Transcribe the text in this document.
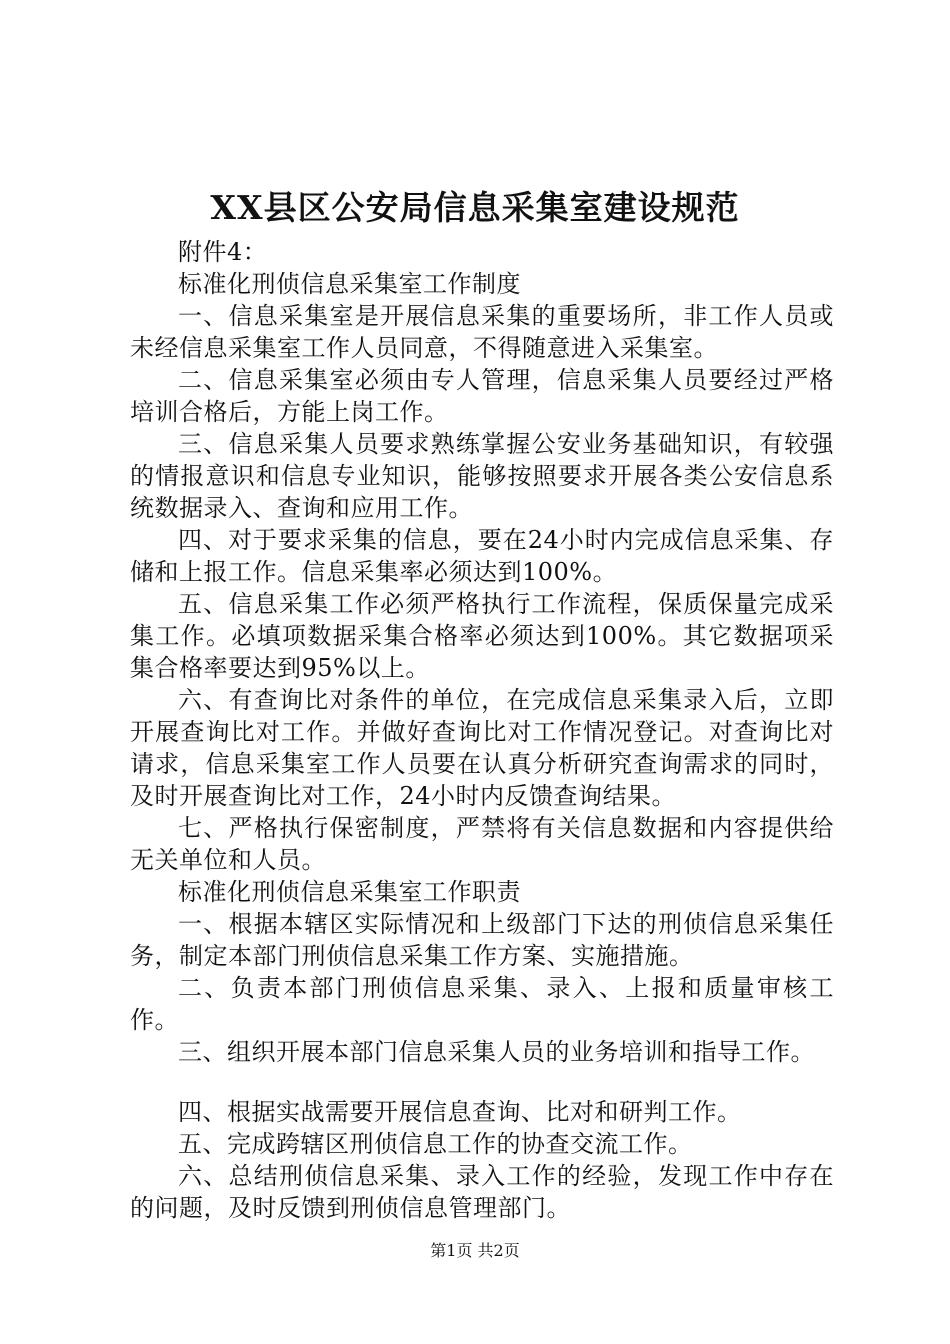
XX县区公安局信息采集室建设规范

附件4：

标准化刑侦信息采集室工作制度

一、信息采集室是开展信息采集的重要场所，非工作人员或未经信息采集室工作人员同意，不得随意进入采集室。

二、信息采集室必须由专人管理，信息采集人员要经过严格培训合格后，方能上岗工作。

三、信息采集人员要求熟练掌握公安业务基础知识，有较强的情报意识和信息专业知识，能够按照要求开展各类公安信息系统数据录入、查询和应用工作。

四、对于要求采集的信息，要在24小时内完成信息采集、存储和上报工作。信息采集率必须达到100%。

五、信息采集工作必须严格执行工作流程，保质保量完成采集工作。必填项数据采集合格率必须达到100%。其它数据项采集合格率要达到95%以上。

六、有查询比对条件的单位，在完成信息采集录入后，立即开展查询比对工作。并做好查询比对工作情况登记。对查询比对请求，信息采集室工作人员要在认真分析研究查询需求的同时，及时开展查询比对工作，24小时内反馈查询结果。

七、严格执行保密制度，严禁将有关信息数据和内容提供给无关单位和人员。

标准化刑侦信息采集室工作职责

一、根据本辖区实际情况和上级部门下达的刑侦信息采集任务，制定本部门刑侦信息采集工作方案、实施措施。

二、负责本部门刑侦信息采集、录入、上报和质量审核工作。

三、组织开展本部门信息采集人员的业务培训和指导工作。

四、根据实战需要开展信息查询、比对和研判工作。

五、完成跨辖区刑侦信息工作的协查交流工作。

六、总结刑侦信息采集、录入工作的经验，发现工作中存在的问题，及时反馈到刑侦信息管理部门。

第1页 共2页
